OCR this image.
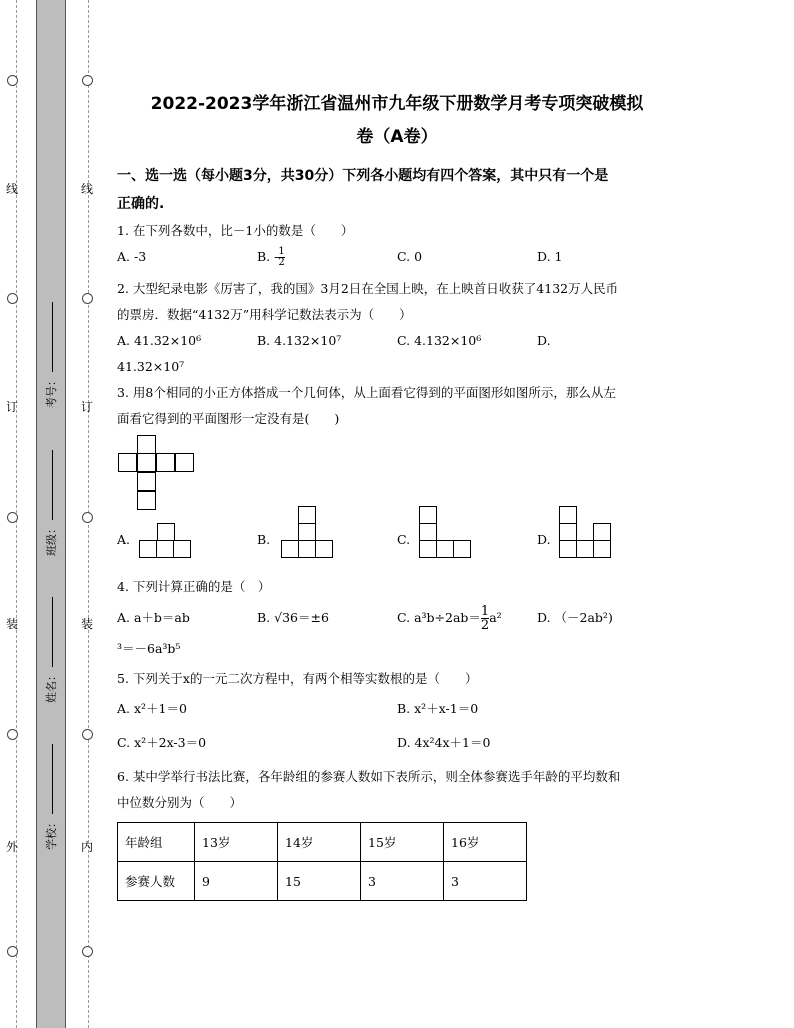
线
订
装
外
线
订
装
内
考号：
班级：
姓名：
学校：
2022-2023学年浙江省温州市九年级下册数学月考专项突破模拟
卷（A卷）
一、选一选（每小题3分，共30分）下列各小题均有四个答案，其中只有一个是
正确的.
1. 在下列各数中，比－1小的数是（　　）
A. -3	B. - $\frac{1}{2}$	C. 0	D. 1
2. 大型纪录电影《厉害了，我的国》3月2日在全国上映，在上映首日收获了4132万人民币
的票房．数据“4132万”用科学记数法表示为（　　）
A. 41.32×10⁶	B. 4.132×10⁷	C. 4.132×10⁶	D.
41.32×10⁷
3. 用8个相同的小正方体搭成一个几何体，从上面看它得到的平面图形如图所示，那么从左
面看它得到的平面图形一定没有是(　　)
A.	B.	C.	D.
4. 下列计算正确的是（　）
A. a＋b＝ab	B. √36＝±6	C. $a^3b\div 2ab= \frac{1}{2} a^2$	D. （－2ab²)
³＝－6a³b⁵
5. 下列关于x的一元二次方程中，有两个相等实数根的是（　　）
A. x²＋1＝0	B. x²＋x-1＝0
C. x²＋2x-3＝0	D. 4x²4x＋1＝0
6. 某中学举行书法比赛，各年龄组的参赛人数如下表所示，则全体参赛选手年龄的平均数和
中位数分别为（　　）
年龄组	13岁	14岁	15岁	16岁
参赛人数	9	15	3	3
